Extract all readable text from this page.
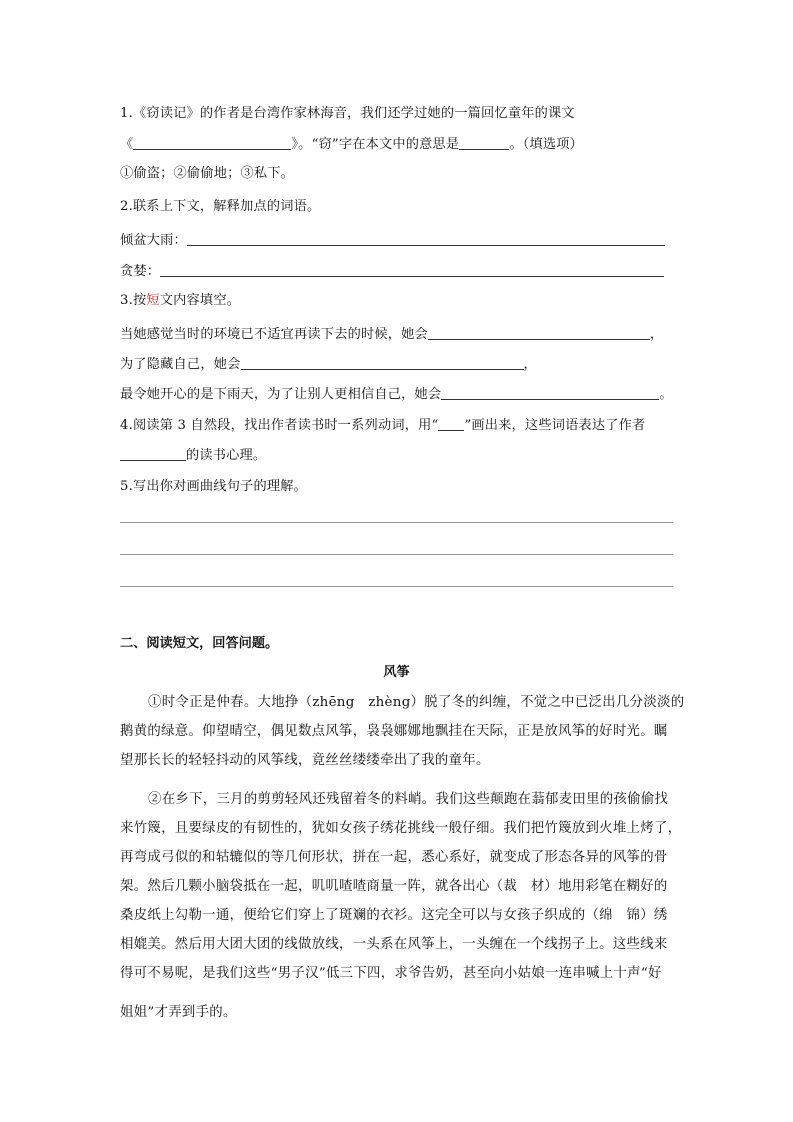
1.《窃读记》的作者是台湾作家林海音，我们还学过她的一篇回忆童年的课文
《	》。“窃”字在本文中的意思是	。（填选项）
①偷盗；②偷偷地；③私下。
2.联系上下文，解释加点的词语。
倾盆大雨：
贪婪：
3.按短文内容填空。
当她感觉当时的环境已不适宜再读下去的时候，她会	，
为了隐藏自己，她会	，
最令她开心的是下雨天，为了让别人更相信自己，她会	。
4.阅读第 3 自然段，找出作者读书时一系列动词，用“ ”画出来，这些词语表达了作者
的读书心理。
5.写出你对画曲线句子的理解。
二、阅读短文，回答问题。
风筝
①时令正是仲春。大地挣（zhēng　zhèng）脱了冬的纠缠，不觉之中已泛出几分淡淡的
鹅黄的绿意。仰望晴空，偶见数点风筝，袅袅娜娜地飘挂在天际，正是放风筝的好时光。瞩
望那长长的轻轻抖动的风筝线，竟丝丝缕缕牵出了我的童年。
②在乡下，三月的剪剪轻风还残留着冬的料峭。我们这些颠跑在蓊郁麦田里的孩偷偷找
来竹篾，且要绿皮的有韧性的，犹如女孩子绣花挑线一般仔细。我们把竹篾放到火堆上烤了，
再弯成弓似的和轱辘似的等几何形状，拼在一起，悉心系好，就变成了形态各异的风筝的骨
架。然后几颗小脑袋抵在一起，叽叽喳喳商量一阵，就各出心（裁　材）地用彩笔在糊好的
桑皮纸上勾勒一通，便给它们穿上了斑斓的衣衫。这完全可以与女孩子织成的（绵　锦）绣
相媲美。然后用大团大团的线做放线，一头系在风筝上，一头缠在一个线拐子上。这些线来
得可不易呢，是我们这些“男子汉”低三下四，求爷告奶，甚至向小姑娘一连串喊上十声“好
姐姐”才弄到手的。
